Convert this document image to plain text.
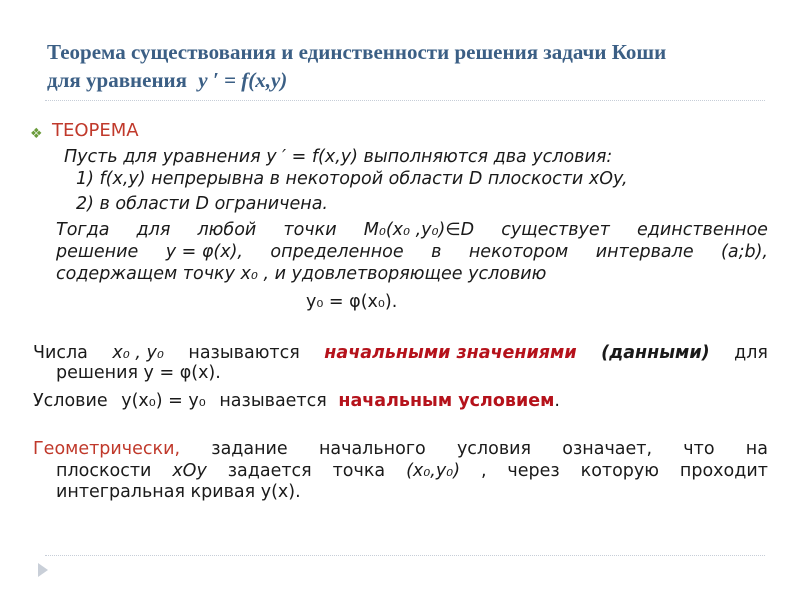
Теорема существования и единственности решения задачи Коши
для уравнения y ′ = f(x,y)
❖ ТЕОРЕМА
Пусть для уравнения y ′ = f(x,y) выполняются два условия:
1) f(x,y) непрерывна в некоторой области D плоскости xOy,
2) в области D ограничена.
Тогда для любой точки M₀(x₀ ,y₀)∈D существует единственное
решение y = φ(x), определенное в некотором интервале (a;b),
содержащем точку x₀ , и удовлетворяющее условию
y₀ = φ(x₀).
Числа x₀ , y₀ называются начальными значениями (данными) для
решения y = φ(x).
Условие y(x₀) = y₀ называется начальным условием.
Геометрически, задание начального условия означает, что на
плоскости xOy задается точка (x₀,y₀) , через которую проходит
интегральная кривая y(x).
